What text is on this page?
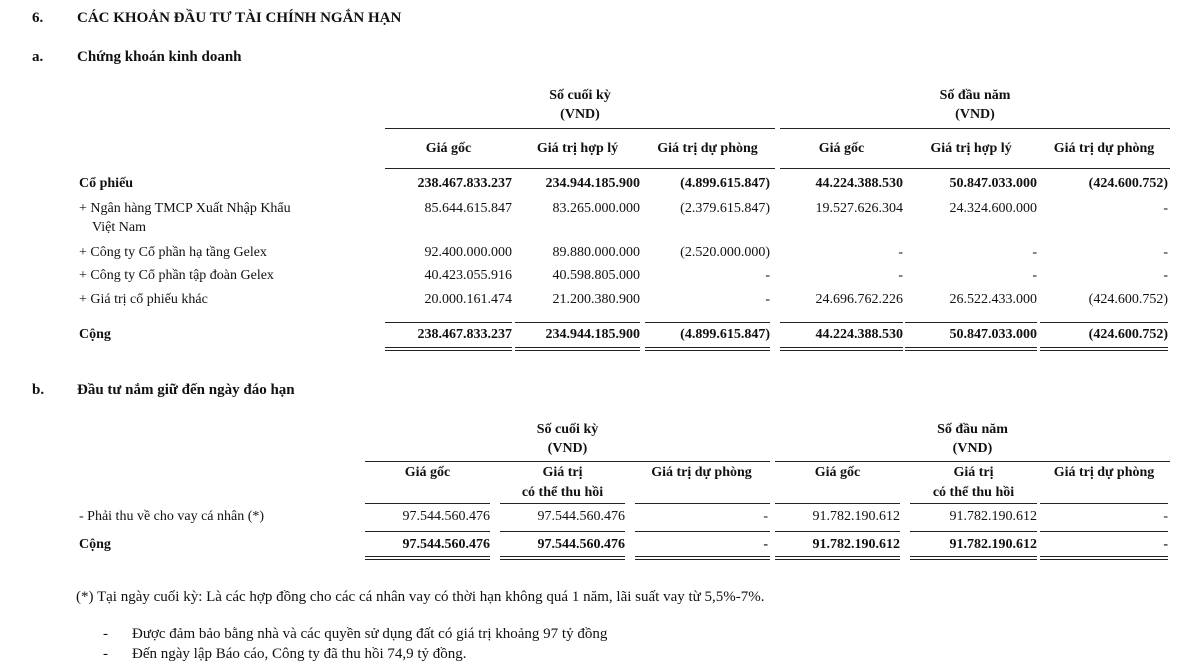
6. CÁC KHOẢN ĐẦU TƯ TÀI CHÍNH NGẮN HẠN
a. Chứng khoán kinh doanh
Số cuối kỳ
(VND)
Số đầu năm
(VND)
Giá gốc	Giá trị hợp lý	Giá trị dự phòng	Giá gốc	Giá trị hợp lý	Giá trị dự phòng
Cổ phiếu	238.467.833.237	234.944.185.900	(4.899.615.847)	44.224.388.530	50.847.033.000	(424.600.752)
+ Ngân hàng TMCP Xuất Nhập Khẩu
Việt Nam
85.644.615.847	83.265.000.000	(2.379.615.847)	19.527.626.304	24.324.600.000	-
+ Công ty Cổ phần hạ tầng Gelex	92.400.000.000	89.880.000.000	(2.520.000.000)	-	-	-
+ Công ty Cổ phần tập đoàn Gelex	40.423.055.916	40.598.805.000	-	-	-	-
+ Giá trị cổ phiếu khác	20.000.161.474	21.200.380.900	-	24.696.762.226	26.522.433.000	(424.600.752)
Cộng	238.467.833.237	234.944.185.900	(4.899.615.847)	44.224.388.530	50.847.033.000	(424.600.752)
b. Đầu tư nắm giữ đến ngày đáo hạn
Số cuối kỳ
(VND)
Số đầu năm
(VND)
Giá gốc	Giá trị
có thể thu hồi
Giá trị dự phòng	Giá gốc	Giá trị
có thể thu hồi
Giá trị dự phòng
- Phải thu về cho vay cá nhân (*)	97.544.560.476	97.544.560.476	-	91.782.190.612	91.782.190.612	-
Cộng	97.544.560.476	97.544.560.476	-	91.782.190.612	91.782.190.612	-
(*) Tại ngày cuối kỳ: Là các hợp đồng cho các cá nhân vay có thời hạn không quá 1 năm, lãi suất vay từ 5,5%-7%.
- Được đảm bảo bằng nhà và các quyền sử dụng đất có giá trị khoảng 97 tỷ đồng
- Đến ngày lập Báo cáo, Công ty đã thu hồi 74,9 tỷ đồng.
